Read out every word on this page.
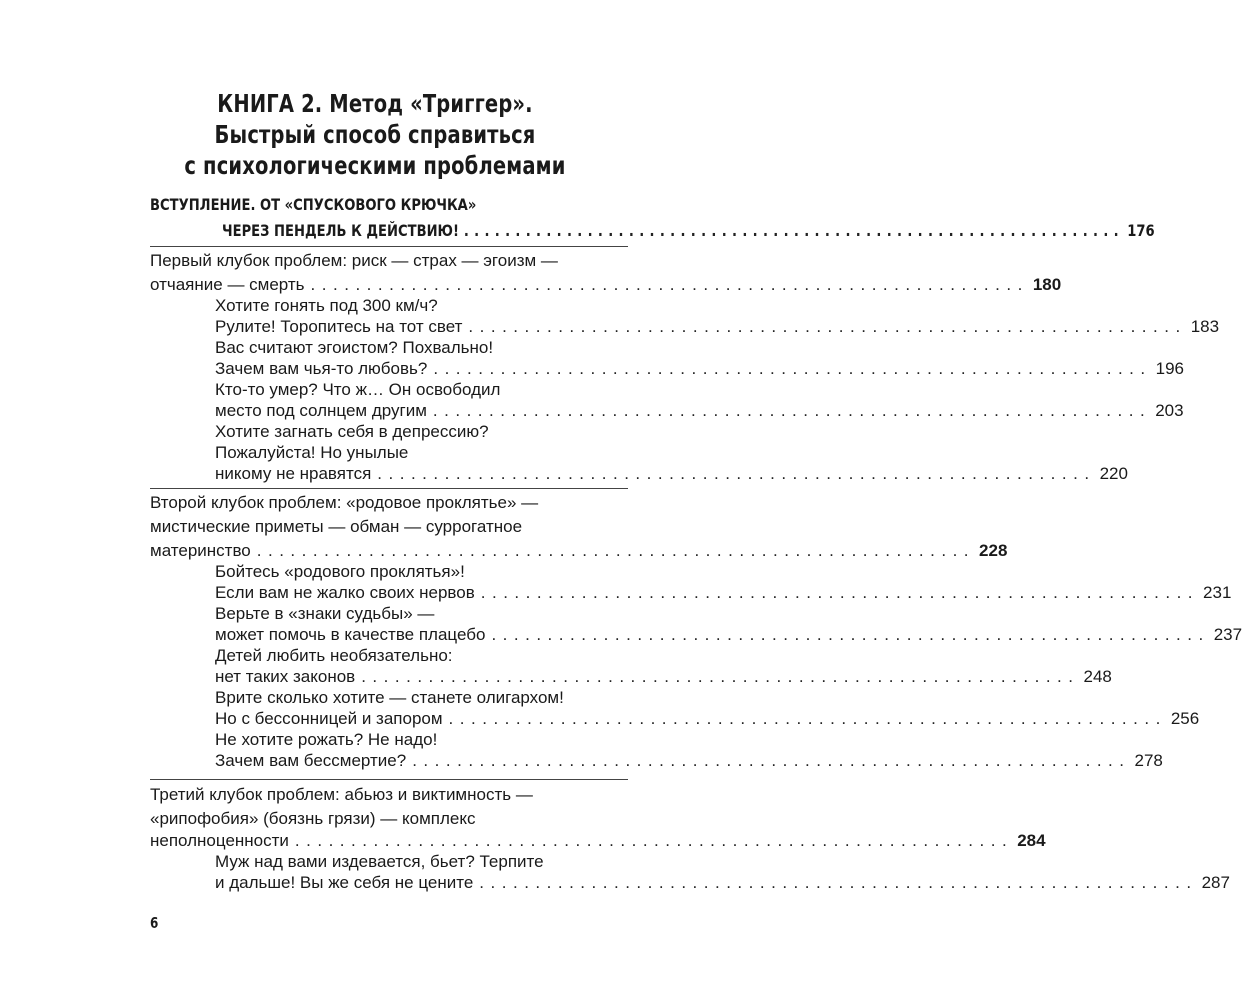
КНИГА 2. Метод «Триггер».
Быстрый способ справиться
с психологическими проблемами
ВСТУПЛЕНИЕ. ОТ «СПУСКОВОГО КРЮЧКА»
ЧЕРЕЗ ПЕНДЕЛЬ К ДЕЙСТВИЮ! ................................................................ 176
Первый клубок проблем: риск — страх — эгоизм —
отчаяние — смерть ................................................................ 180
Хотите гонять под 300 км/ч?
Рулите! Торопитесь на тот свет ................................................................ 183
Вас считают эгоистом? Похвально!
Зачем вам чья-то любовь? ................................................................ 196
Кто-то умер? Что ж… Он освободил
место под солнцем другим ................................................................ 203
Хотите загнать себя в депрессию?
Пожалуйста! Но унылые
никому не нравятся ................................................................ 220
Второй клубок проблем: «родовое проклятье» —
мистические приметы — обман — суррогатное
материнство ................................................................ 228
Бойтесь «родового проклятья»!
Если вам не жалко своих нервов ................................................................ 231
Верьте в «знаки судьбы» —
может помочь в качестве плацебо ................................................................ 237
Детей любить необязательно:
нет таких законов ................................................................ 248
Врите сколько хотите — станете олигархом!
Но с бессонницей и запором ................................................................ 256
Не хотите рожать? Не надо!
Зачем вам бессмертие? ................................................................ 278
Третий клубок проблем: абьюз и виктимность —
«рипофобия» (боязнь грязи) — комплекс
неполноценности ................................................................ 284
Муж над вами издевается, бьет? Терпите
и дальше! Вы же себя не цените ................................................................ 287
6
